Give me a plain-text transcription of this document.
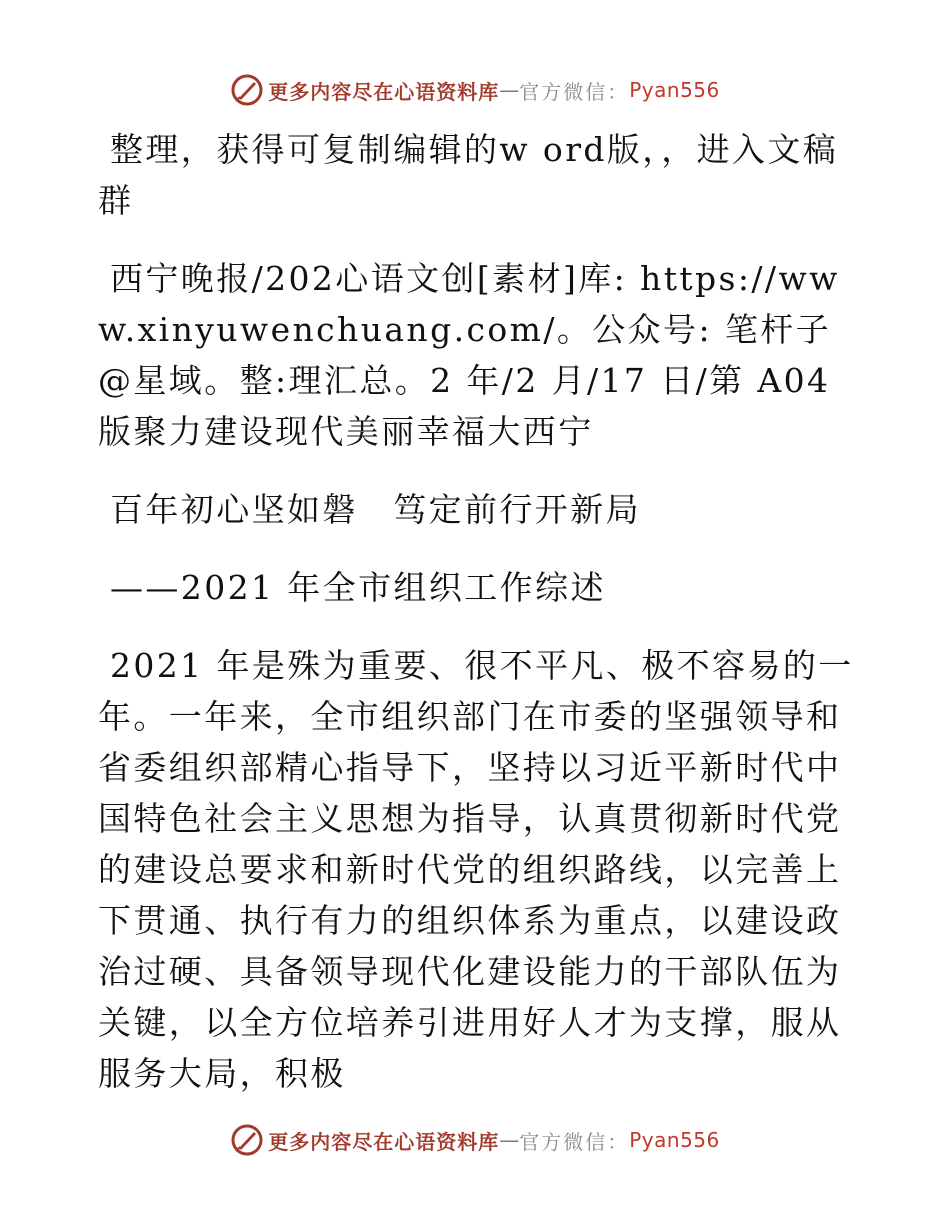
更多内容尽在心语资料库 — 官方微信： Pyan556

整理，获得可复制编辑的w ord版，，进入文稿群

西宁晚报/202心语文创[素材]库: https://www.xinyuwenchuang.com/。公众号: 笔杆子@星域。整:理汇总。2 年/2 月/17 日/第 A04 版聚力建设现代美丽幸福大西宁

百年初心坚如磐　笃定前行开新局

——2021 年全市组织工作综述

2021 年是殊为重要、很不平凡、极不容易的一年。一年来，全市组织部门在市委的坚强领导和省委组织部精心指导下，坚持以习近平新时代中国特色社会主义思想为指导，认真贯彻新时代党的建设总要求和新时代党的组织路线，以完善上下贯通、执行有力的组织体系为重点，以建设政治过硬、具备领导现代化建设能力的干部队伍为关键，以全方位培养引进用好人才为支撑，服从服务大局，积极

更多内容尽在心语资料库 — 官方微信： Pyan556
